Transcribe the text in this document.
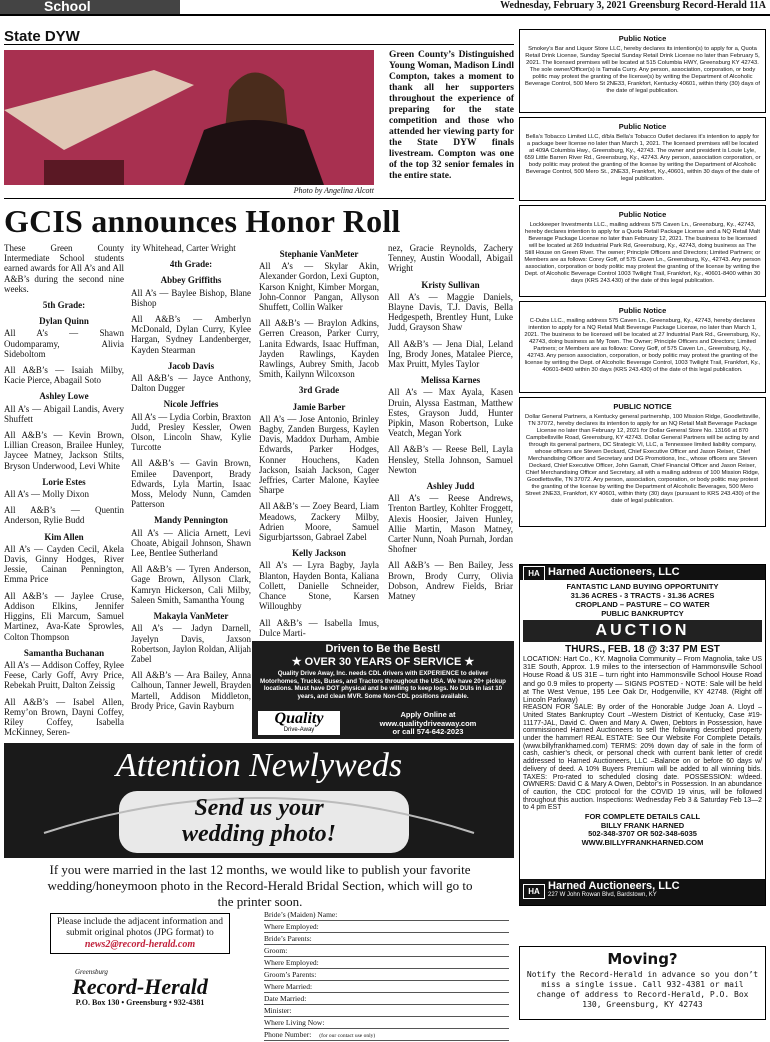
School	Wednesday, February 3, 2021 Greensburg Record-Herald 11A
State DYW
Photo by Angelina Alcott
Green County’s Distinguished Young Woman, Madison Lindl Compton, takes a moment to thank all her supporters throughout the experience of preparing for the state competition and those who attended her viewing party for the State DYW finals livestream. Compton was one of the top 32 senior females in the entire state.
GCIS announces Honor Roll
These Green County Intermediate School students earned awards for All A’s and All A&B’s during the second nine weeks.
5th Grade:
Dylan Quinn
All A’s — Shawn Oudomparamy, Alivia Sideboltom
All A&B’s — Isaiah Milby, Kacie Pierce, Abagail Soto
Ashley Lowe
All A’s — Abigail Landis, Avery Shuffett
All A&B’s — Kevin Brown, Lillian Creason, Brailee Hunley, Jaycee Matney, Jackson Stilts, Bryson Underwood, Levi White
Lorie Estes
All A’s — Molly Dixon
All A&B’s — Quentin Anderson, Rylie Budd
Kim Allen
All A’s — Cayden Cecil, Akela Davis, Ginny Hodges, River Jessie, Cainan Pennington, Emma Price
All A&B’s — Jaylee Cruse, Addison Elkins, Jennifer Higgins, Eli Marcum, Samuel Martinez, Ava-Kate Sprowles, Colton Thompson
Samantha Buchanan
All A’s — Addison Coffey, Rylee Feese, Carly Goff, Avry Price, Rebekah Pruitt, Dalton Zeissig
All A&B’s — Isabel Allen, Remy’on Brown, Dayni Coffey, Riley Coffey, Isabella McKinney, Seren-
ity Whitehead, Carter Wright
4th Grade:
Abbey Griffiths
All A’s — Baylee Bishop, Blane Bishop
All A&B’s — Amberlyn McDonald, Dylan Curry, Kylee Hargan, Sydney Landenberger, Kayden Stearman
Jacob Davis
All A&B’s — Jayce Anthony, Dalton Dugger
Nicole Jeffries
All A’s — Lydia Corbin, Braxton Judd, Presley Kessler, Owen Olson, Lincoln Shaw, Kylie Turcotte
All A&B’s — Gavin Brown, Emilee Davenport, Brady Edwards, Lyla Martin, Isaac Moss, Melody Nunn, Camden Patterson
Mandy Pennington
All A’s — Alicia Arnett, Levi Choate, Abigail Johnson, Shawn Lee, Bentlee Sutherland
All A&B’s — Tyren Anderson, Gage Brown, Allyson Clark, Kamryn Hickerson, Cali Milby, Saleen Smith, Samantha Young
Makayla VanMeter
All A’s — Jadyn Darnell, Jayelyn Davis, Jaxson Robertson, Jaylon Roldan, Alijah Zabel
All A&B’s — Ara Bailey, Anna Calhoun, Tanner Jewell, Brayden Martell, Addison Middleton, Brody Price, Gavin Rayburn
Stephanie VanMeter
All A’s — Skylar Akin, Alexander Gordon, Lexi Gupton, Karson Knight, Kimber Morgan, John-Connor Pangan, Allyson Shuffett, Collin Walker
All A&B’s — Braylon Adkins, Gerren Creason, Parker Curry, Lanita Edwards, Isaac Huffman, Jayden Rawlings, Kayden Rawlings, Aubrey Smith, Jacob Smith, Kailynn Wilcoxson
3rd Grade
Jamie Barber
All A’s — Jose Antonio, Brinley Bagby, Zanden Burgess, Kaylen Davis, Maddox Durham, Ambie Edwards, Parker Hodges, Konner Houchens, Kaden Jackson, Isaiah Jackson, Cager Jeffries, Carter Malone, Kaylee Sharpe
All A&B’s — Zoey Beard, Liam Meadows, Zackery Milby, Adrien Moore, Samuel Sigurbjartsson, Gabrael Zabel
Kelly Jackson
All A’s — Lyra Bagby, Jayla Blanton, Hayden Bonta, Kaliana Collett, Danielle Schneider, Chance Stone, Karsen Willoughby
All A&B’s — Isabella Imus, Dulce Marti-
nez, Gracie Reynolds, Zachery Tenney, Austin Woodall, Abigail Wright
Kristy Sullivan
All A’s — Maggie Daniels, Blayne Davis, T.J. Davis, Bella Hedgespeth, Brentley Hunt, Luke Judd, Grayson Shaw
All A&B’s — Jena Dial, Leland Ing, Brody Jones, Matalee Pierce, Max Pruitt, Myles Taylor
Melissa Karnes
All A’s — Max Ayala, Kasen Druin, Alyssa Eastman, Matthew Estes, Grayson Judd, Hunter Pipkin, Mason Robertson, Luke Veatch, Megan York
All A&B’s — Reese Bell, Layla Hensley, Stella Johnson, Samuel Newton
Ashley Judd
All A’s — Reese Andrews, Trenton Bartley, Kohlter Froggett, Alexis Hoosier, Jaiven Hunley, Allie Martin, Mason Matney, Carter Nunn, Noah Purnah, Jordan Shofner
All A&B’s — Ben Bailey, Jess Brown, Brody Curry, Olivia Dobson, Andrew Fields, Briar Matney
Driven to Be the Best!
★ OVER 30 YEARS OF SERVICE ★
Quality Drive Away, Inc. needs CDL drivers with EXPERIENCE to deliver Motorhomes, Trucks, Buses, and Tractors throughout the USA. We have 20+ pickup locations. Must have DOT physical and be willing to keep logs. No DUIs in last 10 years, and clean MVR. Some Non-CDL positions available.
Quality
Drive-Away
Apply Online at
www.qualitydriveaway.com
or call 574-642-2023
Attention Newlyweds
Send us your
wedding photo!
If you were married in the last 12 months, we would like to publish your favorite wedding/honeymoon photo in the Record-Herald Bridal Section, which will go to the printer soon.
Please include the adjacent information and submit original photos (JPG format) to
news2@record-herald.com
Greensburg
Record-Herald
P.O. Box 130 • Greensburg • 932-4381
Bride’s (Maiden) Name:
Where Employed:
Bride’s Parents:
Groom:
Where Employed:
Groom’s Parents:
Where Married:
Date Married:
Minister:
Where Living Now:
Phone Number: (for our contact use only)
Public Notice
Smokey’s Bar and Liquor Store LLC, hereby declares its intention(s) to apply for a, Quota Retail Drink License, Sunday Special Sunday Retail Drink License no later than February 5, 2021. The licensed premises will be located at 515 Columbia HWY, Greensburg KY 42743. The sole owner/Officer(s) is Tamala Curry. Any person, association, corporation, or body politic may protest the granting of the license(s) by writing the Department of Alcoholic Beverage Control, 500 Mero St 2NE33, Frankfort, Kentucky 40601, within thirty (30) days of the date of legal publication.
Public Notice
Bella’s Tobacco Limited LLC, d/b/a Bella’s Tobacco Outlet declares it’s intention to apply for a package beer license no later than March 1, 2021. The licensed premises will be located at 409A Columbia Hwy., Greensburg, Ky., 42743. The owner and president is Louie Lyle, 659 Little Barren River Rd., Greensburg, Ky., 42743. Any person, association corporation, or body politic may protest the granting of the license by writing the Department of Alcoholic Beverage Control, 500 Mero St., 2NE33, Frankfort, Ky.,40601, within 30 days of the date of legal publication.
Public Notice
Lockkeeper Investments LLC., mailing address 575 Caven Ln., Greensburg, Ky., 42743, hereby declares intention to apply for a Quota Retail Package License and a NQ Retail Malt Beverage Package License no later than February 12, 2021. The business to be licensed will be located at 269 Industrial Park Rd, Greensburg, Ky., 42743, doing business as The Still House on Green River. The owner; Principle Officers and Directors; Limited Partners; or Members are as follows: Corey Goff, of 575 Caven Ln., Greensburg, Ky., 42743. Any person association, corporation or body politic may protest the granting of the license by writing the Dept. of Alcoholic Beverage Control 1003 Twilight Trail, Frankfort, Ky., 40601-8400 within 30 days (KRS 243.430) of the date of this legal publication.
Public Notice
C-Dubs LLC., mailing address 575 Caven Ln., Greensburg, Ky., 42743, hereby declares intention to apply for a NQ Retail Malt Beverage Package License, no later than March 1, 2021. The business to be licensed will be located at 27 Industrial Park Rd., Greensburg, Ky., 42743, doing business as My Town. The Owner; Principle Officers and Directors; Limited Partners; or Members are as follows: Corey Goff, of 575 Caven Ln., Greensburg, Ky., 42743. Any person association, corporation, or body politic may protest the granting of the license by writing the Dept. of Alcoholic Beverage Control, 1003 Twilight Trail, Frankfort, Ky., 40601-8400 within 30 days (KRS 243.430) of the date of this legal publication.
PUBLIC NOTICE
Dollar General Partners, a Kentucky general partnership, 100 Mission Ridge, Goodlettsville, TN 37072, hereby declares its intention to apply for an NQ Retail Malt Beverage Package License no later than February 12, 2021 for Dollar General Store No. 13166 at 870 Campbellsville Road, Greensburg, KY 42743. Dollar General Partners will be acting by and through its general partners, DC Strategic VI, LLC, a Tennessee limited liability company, whose officers are Steven Deckard, Chief Executive Officer and Jason Reiser, Chief Merchandising Officer and Secretary and DG Promotions, Inc., whose officers are Steven Deckard, Chief Executive Officer, John Garratt, Chief Financial Officer and Jason Reiser, Chief Merchandising Officer and Secretary, all with a mailing address of 100 Mission Ridge, Goodlettsville, TN 37072. Any person, association, corporation, or body politic may protest the granting of the license by writing the Department of Alcoholic Beverages, 500 Mero Street 2NE33, Frankfort, KY 40601, within thirty (30) days (pursuant to KRS 243.430) of the date of legal publication.
HA Harned Auctioneers, LLC
FANTASTIC LAND BUYING OPPORTUNITY
31.36 ACRES - 3 TRACTS - 31.36 ACRES
CROPLAND – PASTURE – CO WATER
PUBLIC BANKRUPTCY
AUCTION
THURS., FEB. 18 @ 3:37 PM EST
LOCATION: Hart Co., KY. Magnolia Community – From Magnolia, take US 31E South, Approx. 1.9 miles to the intersection of Hammonsville School House Road & US 31E – turn right into Hammonsville School House Road and go 0.9 miles to property — SIGNS POSTED - NOTE: Sale will be held at The West Venue, 195 Lee Oak Dr, Hodgenville, KY 42748. (Right off Lincoln Parkway)
REASON FOR SALE: By order of the Honorable Judge Joan A. Lloyd – United States Bankruptcy Court –Western District of Kentucky, Case #19-11177-JAL, David C. Owen and Mary A. Owen, Debtors in Possession, have commissioned Harned Auctioneers to sell the following described property under the hammer! REAL ESTATE: See Our Website For Complete Details. (www.billyfrankharned.com) TERMS: 20% down day of sale in the form of cash, cashier’s check, or personal check with current bank letter of credit addressed to Harned Auctioneers, LLC –Balance on or before 60 days w/ delivery of deed. A 10% Buyers Premium will be added to all winning bids. TAXES: Pro-rated to scheduled closing date. POSSESSION: w/deed. OWNERS: David C & Mary A Owen, Debtor’s in Possession. In an abundance of caution, the CDC protocol for the COVID 19 virus, will be followed throughout this auction. Inspections: Wednesday Feb 3 & Saturday Feb 13—2 to 4 pm EST
FOR COMPLETE DETAILS CALL
BILLY FRANK HARNED
502-348-3707 OR 502-348-6035
WWW.BILLYFRANKHARNED.COM
HA Harned Auctioneers, LLC
227 W John Rowan Blvd, Bardstown, KY
Moving?
Notify the Record-Herald in advance so you don’t miss a single issue. Call 932-4381 or mail change of address to Record-Herald, P.O. Box 130, Greensburg, KY 42743
